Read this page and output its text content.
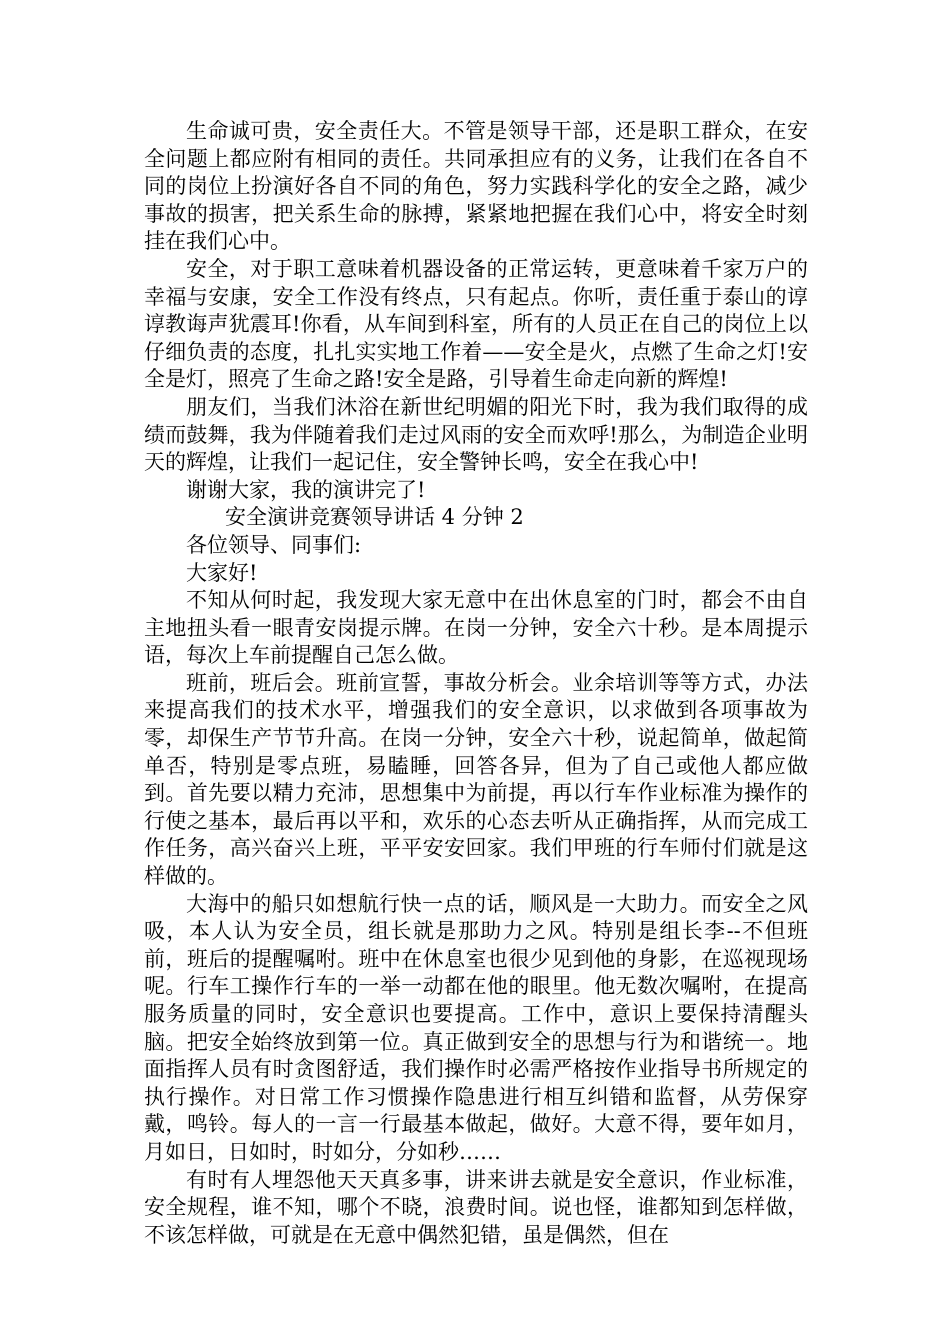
生命诚可贵，安全责任大。不管是领导干部，还是职工群众，在安全问题上都应附有相同的责任。共同承担应有的义务，让我们在各自不同的岗位上扮演好各自不同的角色，努力实践科学化的安全之路，减少事故的损害，把关系生命的脉搏，紧紧地把握在我们心中，将安全时刻挂在我们心中。

安全，对于职工意味着机器设备的正常运转，更意味着千家万户的幸福与安康，安全工作没有终点，只有起点。你听，责任重于泰山的谆谆教诲声犹震耳!你看，从车间到科室，所有的人员正在自己的岗位上以仔细负责的态度，扎扎实实地工作着——安全是火，点燃了生命之灯!安全是灯，照亮了生命之路!安全是路，引导着生命走向新的辉煌!

朋友们，当我们沐浴在新世纪明媚的阳光下时，我为我们取得的成绩而鼓舞，我为伴随着我们走过风雨的安全而欢呼!那么，为制造企业明天的辉煌，让我们一起记住，安全警钟长鸣，安全在我心中!

谢谢大家，我的演讲完了!

安全演讲竞赛领导讲话 4 分钟 2

各位领导、同事们:

大家好!

不知从何时起，我发现大家无意中在出休息室的门时，都会不由自主地扭头看一眼青安岗提示牌。在岗一分钟，安全六十秒。是本周提示语，每次上车前提醒自己怎么做。

班前，班后会。班前宣誓，事故分析会。业余培训等等方式，办法来提高我们的技术水平，增强我们的安全意识，以求做到各项事故为零，却保生产节节升高。在岗一分钟，安全六十秒，说起简单，做起简单否，特别是零点班，易瞌睡，回答各异，但为了自己或他人都应做到。首先要以精力充沛，思想集中为前提，再以行车作业标准为操作的行使之基本，最后再以平和，欢乐的心态去听从正确指挥，从而完成工作任务，高兴奋兴上班，平平安安回家。我们甲班的行车师付们就是这样做的。

大海中的船只如想航行快一点的话，顺风是一大助力。而安全之风吸，本人认为安全员，组长就是那助力之风。特别是组长李--不但班前，班后的提醒嘱咐。班中在休息室也很少见到他的身影，在巡视现场呢。行车工操作行车的一举一动都在他的眼里。他无数次嘱咐，在提高服务质量的同时，安全意识也要提高。工作中，意识上要保持清醒头脑。把安全始终放到第一位。真正做到安全的思想与行为和谐统一。地面指挥人员有时贪图舒适，我们操作时必需严格按作业指导书所规定的执行操作。对日常工作习惯操作隐患进行相互纠错和监督，从劳保穿戴，鸣铃。每人的一言一行最基本做起，做好。大意不得，要年如月，月如日，日如时，时如分，分如秒……

有时有人埋怨他天天真多事，讲来讲去就是安全意识，作业标准，安全规程，谁不知，哪个不晓，浪费时间。说也怪，谁都知到怎样做，不该怎样做，可就是在无意中偶然犯错，虽是偶然，但在
